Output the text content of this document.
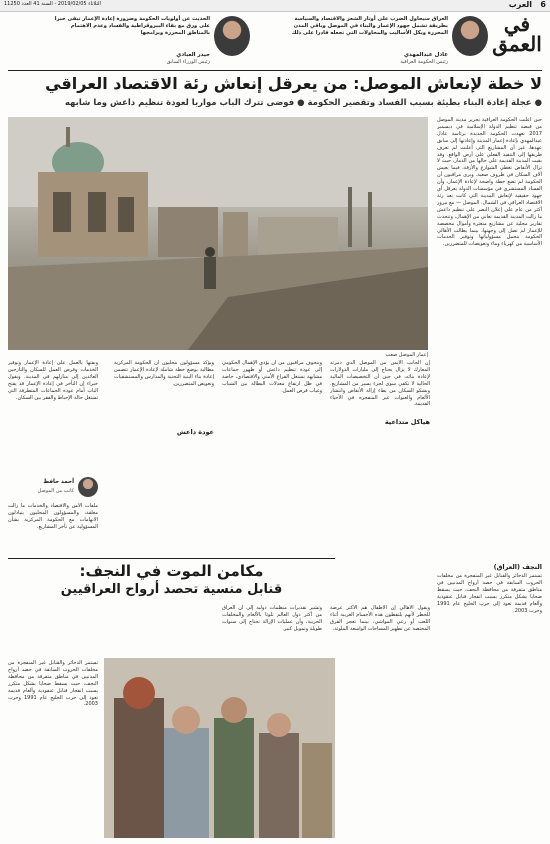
6
العرب
الثلاثاء 2019/02/05 - السنة 41 العدد 11250
في العمق
العراق سيحاول الضرب على أوتار الشعر والاقتصاد والسياسة بطريقة تشمل جهود الإعمار والبناء في الموصل وباقي المدن المحررة وبكل الأساليب والمحاولات التي تجعله قادرا على ذلك
عادل عبدالمهدي
رئيس الحكومة العراقية
الحديث عن أولويات الحكومة وضرورة إعادة الإعمار تبقى حبرا على ورق مع بقاء البيروقراطية والفساد وعدم الاهتمام بالمناطق المحررة وبرامجها
حيدر العبادي
رئيس الوزراء السابق
لا خطة لإنعاش الموصل: من يعرقل إنعاش رئة الاقتصاد العراقي
● عجلة إعادة البناء بطيئة بسبب الفساد وتقصير الحكومة ● فوضى تترك الباب مواربا لعودة تنظيم داعش وما شابهه
إعمار الموصل صعب
حين أعلنت الحكومة العراقية تحرير مدينة الموصل من قبضة تنظيم الدولة الإسلامية في ديسمبر 2017 تعهدت الحكومة الجديدة برئاسة عادل عبدالمهدي بإعادة إعمار المدينة وإعادتها إلى سابق عهدها، غير أن المشاريع التي أعلنت لم تعرف طريقها إلى التنفيذ الفعلي على أرض الواقع. وقد بقيت المدينة القديمة على حالها من الدمار، حيث لا تزال الأنقاض تغطي الشوارع والأزقة، فيما يعيش آلاف السكان في ظروف صعبة. ويرى مراقبون أن الحكومة لم تضع خطة واضحة لإعادة الإعمار، وأن الفساد المستشري في مؤسسات الدولة يعرقل أي جهود حقيقية لإنعاش المدينة التي كانت تعد رئة الاقتصاد العراقي في الشمال. الموصل — مع مرور أكثر من عام على إعلان النصر على تنظيم داعش ما زالت المدينة القديمة تعاني من الإهمال، وتتحدث تقارير محلية عن مشاريع متعثرة وأموال مخصصة للإعمار لم تصل إلى وجهتها، بينما يطالب الأهالي الحكومة بتحمل مسؤولياتها وتوفير الخدمات الأساسية من كهرباء وماء وتعويضات للمتضررين.
هياكل متداعية
إن الجانب الأيمن من الموصل الذي دمرته المعارك لا يزال يحتاج إلى مليارات الدولارات لإعادة بنائه، في حين أن التخصيصات المالية الحالية لا تكفي سوى لجزء يسير من المشاريع. ويشكو السكان من بطء إزالة الأنقاض وانتشار الألغام والعبوات غير المنفجرة في الأحياء القديمة.
ويتخوف مراقبون من أن يؤدي الإهمال الحكومي إلى عودة تنظيم داعش أو ظهور جماعات مشابهة تستغل الفراغ الأمني والاقتصادي، خاصة في ظل ارتفاع معدلات البطالة بين الشباب وغياب فرص العمل.
عودة داعش
ويؤكد مسؤولون محليون أن الحكومة المركزية مطالبة بوضع خطة شاملة لإعادة الإعمار تتضمن إعادة بناء البنية التحتية والمدارس والمستشفيات وتعويض المتضررين.
ونفتها بالعمل على إعادة الإعمار وتوفير الخدمات وفرص العمل للسكان والنازحين العائدين إلى منازلهم في المدينة. ويقول خبراء إن التأخر في إعادة الإعمار قد يفتح الباب أمام عودة الجماعات المتطرفة التي تستغل حالة الإحباط والفقر بين السكان.
أحمد حافظ
كاتب من الموصل
ملفات الأمن والاقتصاد والخدمات ما زالت معلقة، والمسؤولون المحليون يتبادلون الاتهامات مع الحكومة المركزية بشأن المسؤولية عن تأخر المشاريع.
مكامن الموت في النجف:
قنابل منسية تحصد أرواح العراقيين
النجف (العراق)
تستمر الذخائر والقنابل غير المنفجرة من مخلفات الحروب السابقة في حصد أرواح المدنيين في مناطق متفرقة من محافظة النجف، حيث يسقط ضحايا بشكل متكرر بسبب انفجار قنابل عنقودية وألغام قديمة تعود إلى حرب الخليج عام 1991 وحرب 2003.
ويقول الأهالي إن الأطفال هم الأكثر عرضة للخطر لأنهم يلتقطون هذه الأجسام الغريبة أثناء اللعب أو رعي المواشي، بينما تعجز الفرق المختصة عن تطهير المساحات الواسعة الملوثة.
وتشير تقديرات منظمات دولية إلى أن العراق من أكثر دول العالم تلوثا بالألغام والمخلفات الحربية، وأن عمليات الإزالة تحتاج إلى سنوات طويلة وتمويل كبير.
تستمر الذخائر والقنابل غير المنفجرة من مخلفات الحروب السابقة في حصد أرواح المدنيين في مناطق متفرقة من محافظة النجف، حيث يسقط ضحايا بشكل متكرر بسبب انفجار قنابل عنقودية وألغام قديمة تعود إلى حرب الخليج عام 1991 وحرب 2003.
